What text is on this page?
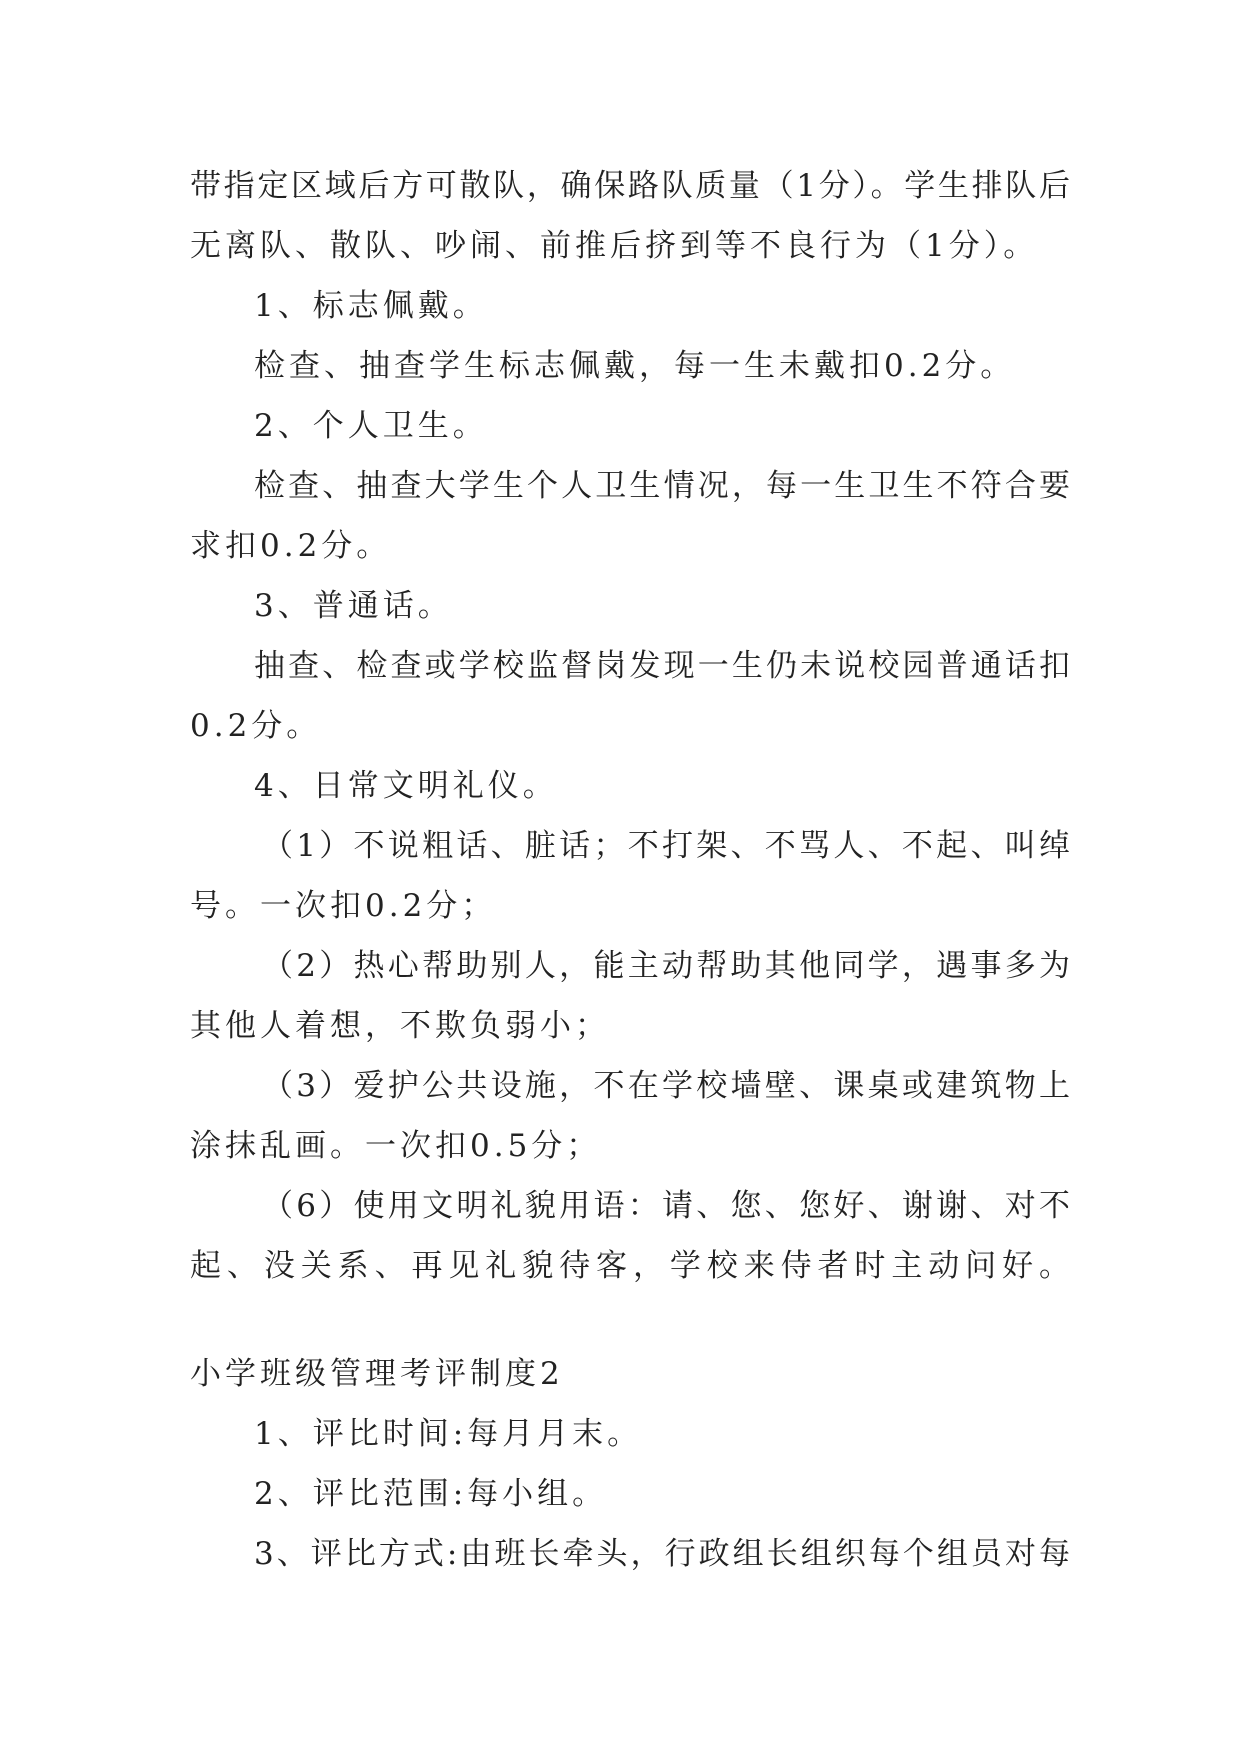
带指定区域后方可散队，确保路队质量（1分）。学生排队后
无离队、散队、吵闹、前推后挤到等不良行为（1分）。
1、标志佩戴。
检查、抽查学生标志佩戴，每一生未戴扣0.2分。
2、个人卫生。
检查、抽查大学生个人卫生情况，每一生卫生不符合要
求扣0.2分。
3、普通话。
抽查、检查或学校监督岗发现一生仍未说校园普通话扣
0.2分。
4、日常文明礼仪。
（1）不说粗话、脏话；不打架、不骂人、不起、叫绰
号。一次扣0.2分；
（2）热心帮助别人，能主动帮助其他同学，遇事多为
其他人着想，不欺负弱小；
（3）爱护公共设施，不在学校墙壁、课桌或建筑物上
涂抹乱画。一次扣0.5分；
（6）使用文明礼貌用语：请、您、您好、谢谢、对不
起、没关系、再见礼貌待客，学校来侍者时主动问好。
小学班级管理考评制度2
1、评比时间:每月月末。
2、评比范围:每小组。
3、评比方式:由班长牵头，行政组长组织每个组员对每
